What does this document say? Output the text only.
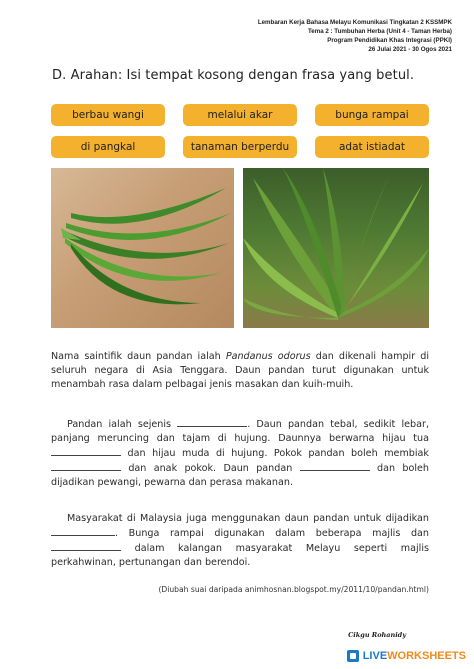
Lembaran Kerja Bahasa Melayu Komunikasi Tingkatan 2 KSSMPK
Tema 2 : Tumbuhan Herba (Unit 4 - Taman Herba)
Program Pendidikan Khas Integrasi (PPKI)
26 Julai 2021 - 30 Ogos 2021
D. Arahan: Isi tempat kosong dengan frasa yang betul.
berbau wangi	melalui akar	bunga rampai
di pangkal	tanaman berperdu	adat istiadat

Nama saintifik daun pandan ialah Pandanus odorus dan dikenali hampir di seluruh negara di Asia Tenggara. Daun pandan turut digunakan untuk menambah rasa dalam pelbagai jenis masakan dan kuih-muih.

Pandan ialah sejenis	. Daun pandan tebal, sedikit lebar, panjang meruncing dan tajam di hujung. Daunnya berwarna hijau tua  dan hijau muda di hujung. Pokok pandan boleh membiak  dan anak pokok. Daun pandan	dan boleh dijadikan pewangi, pewarna dan perasa makanan.

Masyarakat di Malaysia juga menggunakan daun pandan untuk dijadikan . Bunga rampai digunakan dalam beberapa majlis dan  dalam kalangan masyarakat Melayu seperti majlis perkahwinan, pertunangan dan berendoi.

(Diubah suai daripada animhosnan.blogspot.my/2011/10/pandan.html)
Cikgu Rohanidy
LIVEWORKSHEETS
